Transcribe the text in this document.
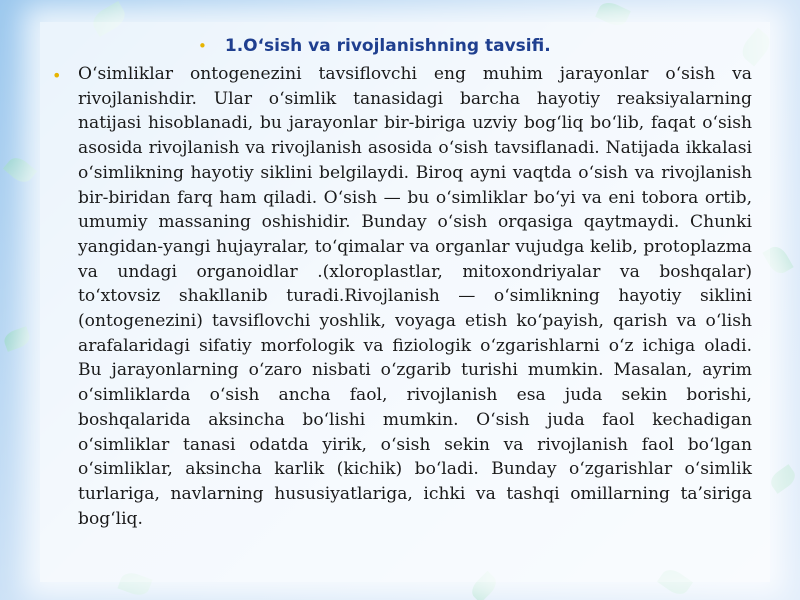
• 1.O‘sish va rivojlanishning tavsifi.
• O‘simliklar ontogenezini tavsiflovchi eng muhim jarayonlar o‘sish va rivojlanishdir. Ular o‘simlik tanasidagi barcha hayotiy reaksiyalarning natijasi hisoblanadi, bu jarayonlar bir-biriga uzviy bog‘liq bo‘lib, faqat o‘sish asosida rivojlanish va rivojlanish asosida o‘sish tavsiflanadi. Natijada ikkalasi o‘simlikning hayotiy siklini belgilaydi. Biroq ayni vaqtda o‘sish va rivojlanish bir-biridan farq ham qiladi. O‘sish — bu o‘simliklar bo‘yi va eni tobora ortib, umumiy massaning oshishidir. Bunday o‘sish orqasiga qaytmaydi. Chunki yangidan-yangi hujayralar, to‘qimalar va organlar vujudga kelib, protoplazma va undagi organoidlar .(xloroplastlar, mitoxondriyalar va boshqalar) to‘xtovsiz shakllanib turadi.Rivojlanish — o‘simlikning hayotiy siklini (ontogenezini) tavsiflovchi yoshlik, voyaga etish ko‘payish, qarish va o‘lish arafalaridagi sifatiy morfologik va fiziologik o‘zgarishlarni o‘z ichiga oladi. Bu jarayonlarning o‘zaro nisbati o‘zgarib turishi mumkin. Masalan, ayrim o‘simliklarda o‘sish ancha faol, rivojlanish esa juda sekin borishi, boshqalarida aksincha bo‘lishi mumkin. O‘sish juda faol kechadigan o‘simliklar tanasi odatda yirik, o‘sish sekin va rivojlanish faol bo‘lgan o‘simliklar, aksincha karlik (kichik) bo‘ladi. Bunday o‘zgarishlar o‘simlik turlariga, navlarning hususiyatlariga, ichki va tashqi omillarning ta’siriga bog‘liq.
